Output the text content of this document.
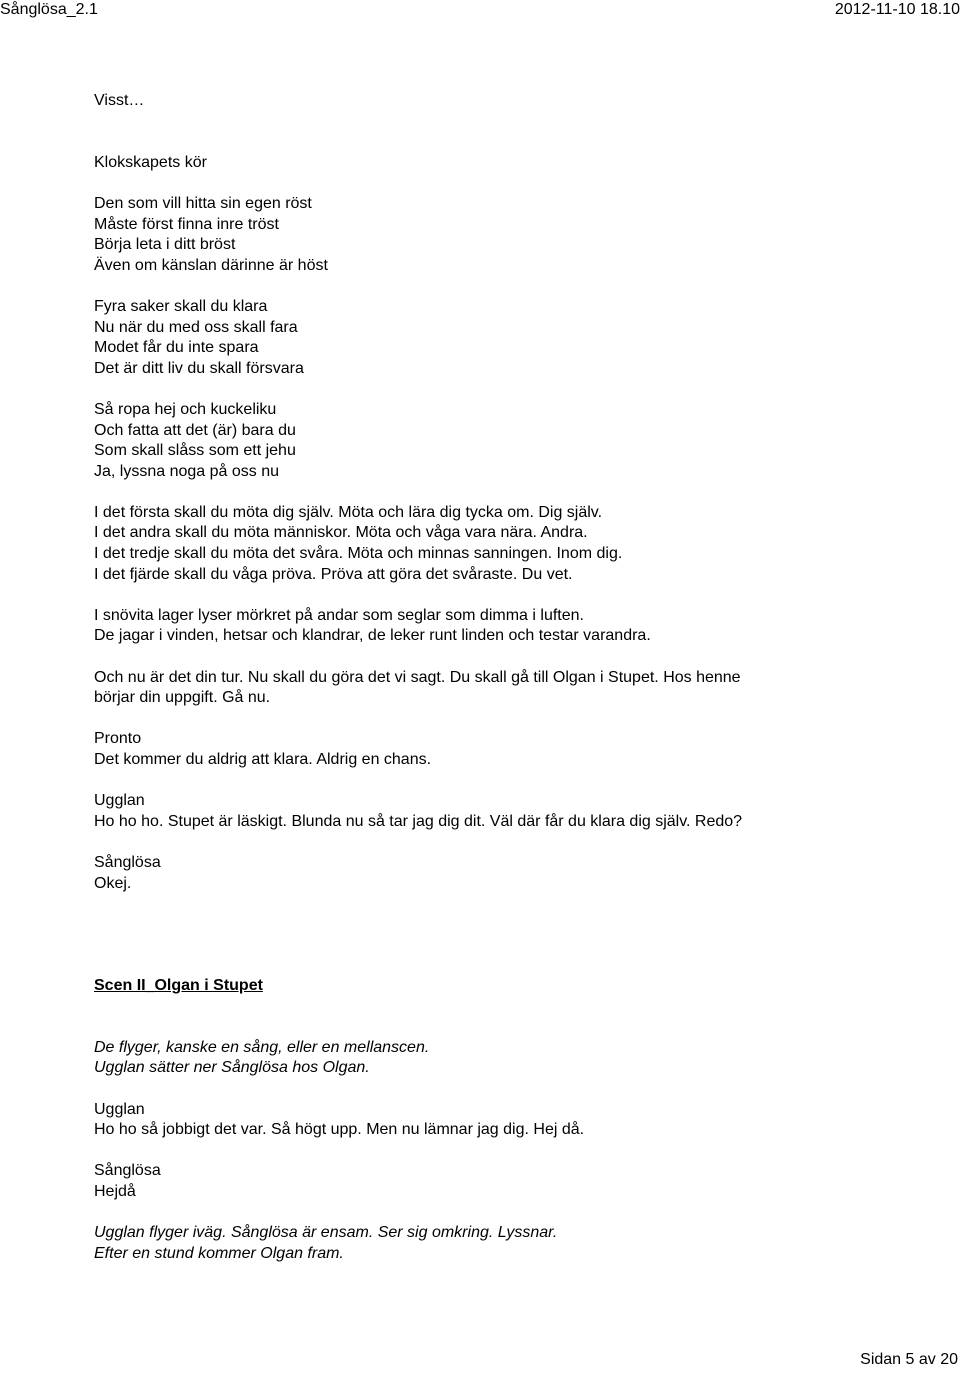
Sånglösa_2.1	2012-11-10 18.10
Visst…
Klokskapets kör
Den som vill hitta sin egen röst
Måste först finna inre tröst
Börja leta i ditt bröst
Även om känslan därinne är höst
Fyra saker skall du klara
Nu när du med oss skall fara
Modet får du inte spara
Det är ditt liv du skall försvara
Så ropa hej och kuckeliku
Och fatta att det (är) bara du
Som skall slåss som ett jehu
Ja, lyssna noga på oss nu
I det första skall du möta dig själv. Möta och lära dig tycka om. Dig själv.
I det andra skall du möta människor. Möta och våga vara nära. Andra.
I det tredje skall du möta det svåra. Möta och minnas sanningen. Inom dig.
I det fjärde skall du våga pröva. Pröva att göra det svåraste. Du vet.
I snövita lager lyser mörkret på andar som seglar som dimma i luften.
De jagar i vinden, hetsar och klandrar, de leker runt linden och testar varandra.
Och nu är det din tur. Nu skall du göra det vi sagt. Du skall gå till Olgan i Stupet. Hos henne
börjar din uppgift. Gå nu.
Pronto
Det kommer du aldrig att klara. Aldrig en chans.
Ugglan
Ho ho ho. Stupet är läskigt. Blunda nu så tar jag dig dit. Väl där får du klara dig själv. Redo?
Sånglösa
Okej.
Scen II_Olgan i Stupet
De flyger, kanske en sång, eller en mellanscen.
Ugglan sätter ner Sånglösa hos Olgan.
Ugglan
Ho ho så jobbigt det var. Så högt upp. Men nu lämnar jag dig. Hej då.
Sånglösa
Hejdå
Ugglan flyger iväg. Sånglösa är ensam. Ser sig omkring. Lyssnar.
Efter en stund kommer Olgan fram.
Sidan 5 av 20
